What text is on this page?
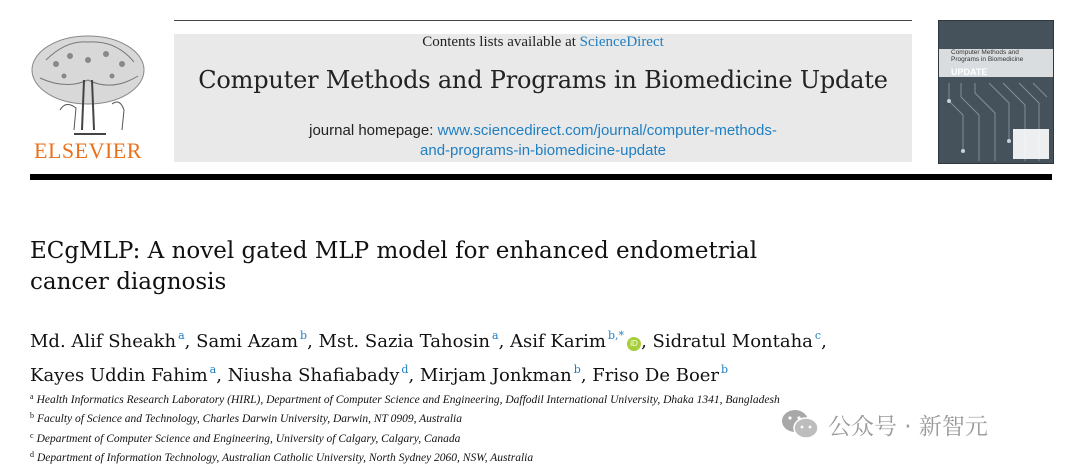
ELSEVIER
Contents lists available at ScienceDirect
Computer Methods and Programs in Biomedicine Update
journal homepage: www.sciencedirect.com/journal/computer-methods-
and-programs-in-biomedicine-update
Computer Methods and Programs in Biomedicine
UPDATE
ECgMLP: A novel gated MLP model for enhanced endometrial cancer diagnosis
Md. Alif Sheakh $^a$, Sami Azam $^b$, Mst. Sazia Tahosin $^a$, Asif Karim $^{b,*}$iD , Sidratul Montaha $^c$,
Kayes Uddin Fahim $^a$, Niusha Shafiabady $^d$, Mirjam Jonkman $^b$, Friso De Boer $^b$
$^a$ Health Informatics Research Laboratory (HIRL), Department of Computer Science and Engineering, Daffodil International University, Dhaka 1341, Bangladesh
$^b$ Faculty of Science and Technology, Charles Darwin University, Darwin, NT 0909, Australia
$^c$ Department of Computer Science and Engineering, University of Calgary, Calgary, Canada
$^d$ Department of Information Technology, Australian Catholic University, North Sydney 2060, NSW, Australia
公众号 · 新智元
